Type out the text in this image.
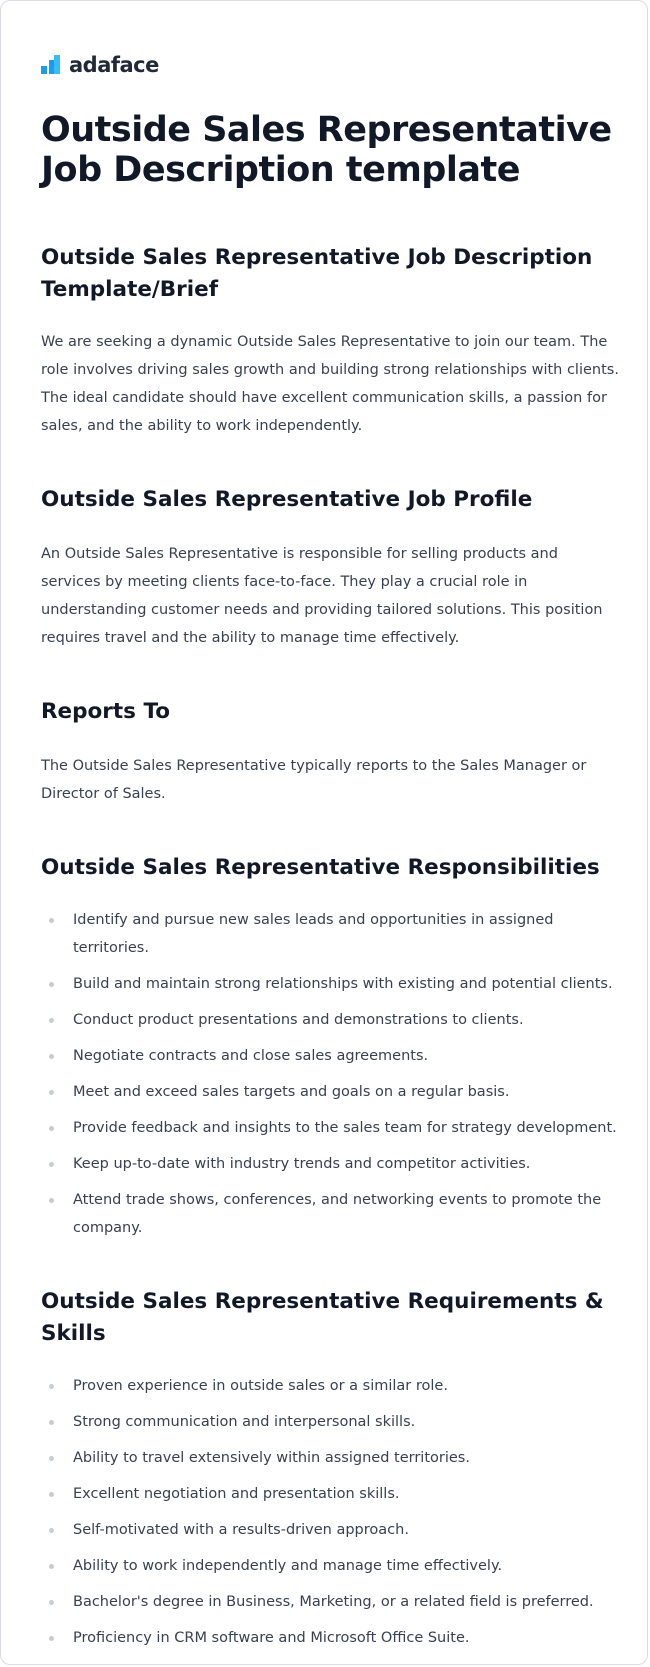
adaface
Outside Sales Representative Job Description template
Outside Sales Representative Job Description Template/Brief

We are seeking a dynamic Outside Sales Representative to join our team. The role involves driving sales growth and building strong relationships with clients. The ideal candidate should have excellent communication skills, a passion for sales, and the ability to work independently.

Outside Sales Representative Job Profile

An Outside Sales Representative is responsible for selling products and services by meeting clients face-to-face. They play a crucial role in understanding customer needs and providing tailored solutions. This position requires travel and the ability to manage time effectively.

Reports To

The Outside Sales Representative typically reports to the Sales Manager or Director of Sales.

Outside Sales Representative Responsibilities
Identify and pursue new sales leads and opportunities in assigned territories.
Build and maintain strong relationships with existing and potential clients.
Conduct product presentations and demonstrations to clients.
Negotiate contracts and close sales agreements.
Meet and exceed sales targets and goals on a regular basis.
Provide feedback and insights to the sales team for strategy development.
Keep up-to-date with industry trends and competitor activities.
Attend trade shows, conferences, and networking events to promote the company.
Outside Sales Representative Requirements & Skills
Proven experience in outside sales or a similar role.
Strong communication and interpersonal skills.
Ability to travel extensively within assigned territories.
Excellent negotiation and presentation skills.
Self-motivated with a results-driven approach.
Ability to work independently and manage time effectively.
Bachelor's degree in Business, Marketing, or a related field is preferred.
Proficiency in CRM software and Microsoft Office Suite.
